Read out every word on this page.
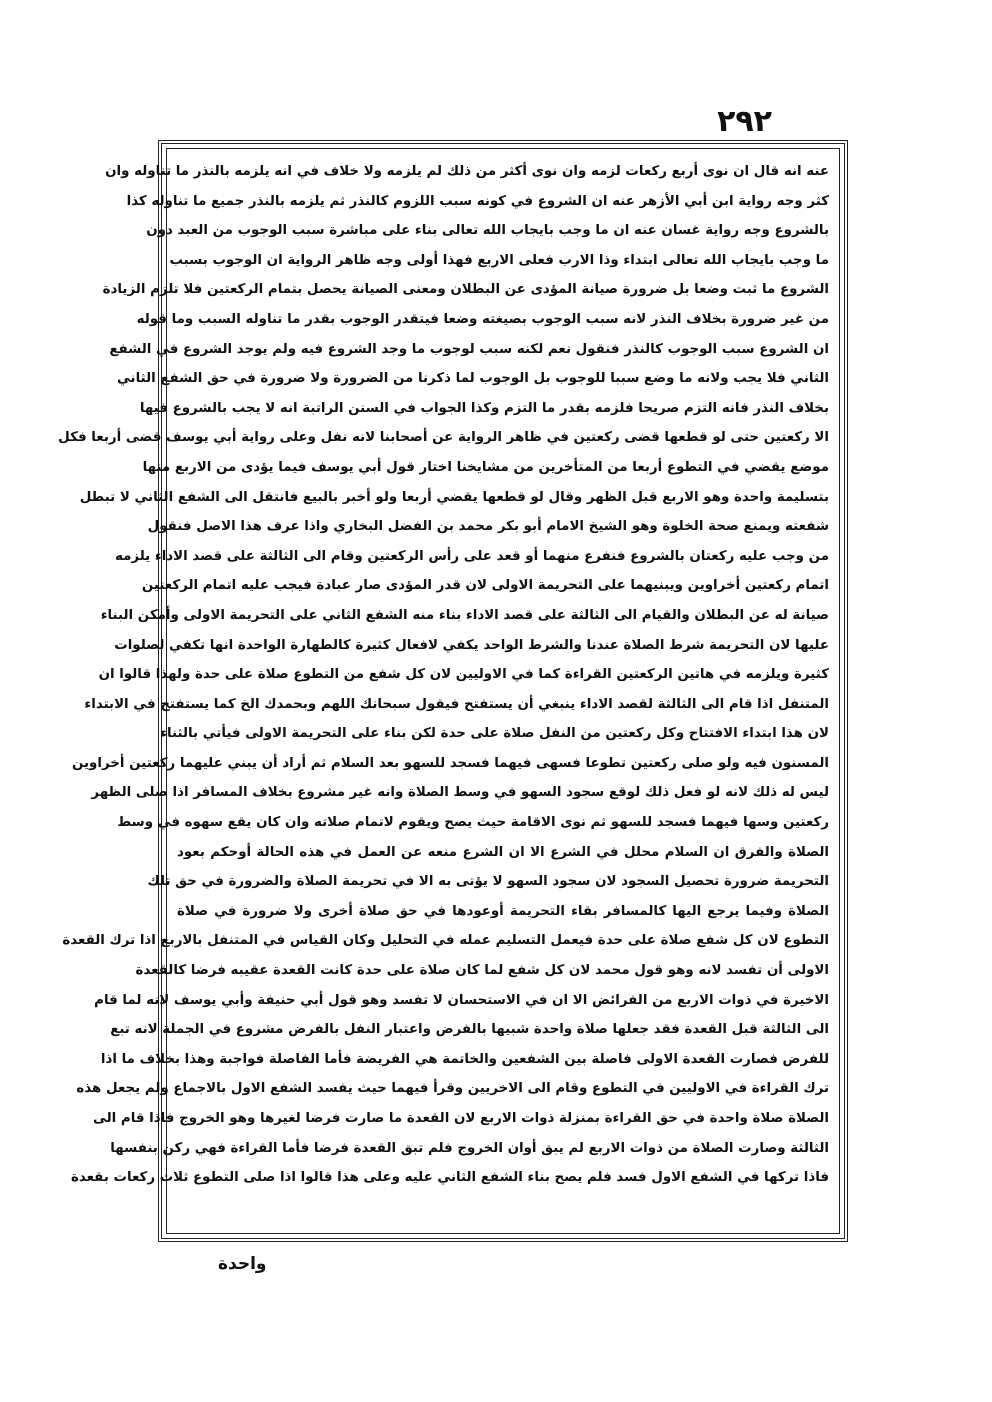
٢٩٢
عنه انه قال ان نوى أربع ركعات لزمه وان نوى أكثر من ذلك لم يلزمه ولا خلاف في انه يلزمه بالنذر ما تناوله وان
كثر وجه رواية ابن أبي الأزهر عنه ان الشروع في كونه سبب اللزوم كالنذر ثم يلزمه بالنذر جميع ما تناوله كذا
بالشروع وجه رواية غسان عنه ان ما وجب بايجاب الله تعالى بناء على مباشرة سبب الوجوب من العبد دون
ما وجب بايجاب الله تعالى ابتداء وذا الارب فعلى الاربع فهذا أولى وجه ظاهر الرواية ان الوجوب بسبب
الشروع ما ثبت وضعا بل ضرورة صيانة المؤدى عن البطلان ومعنى الصيانة يحصل بتمام الركعتين فلا تلزم الزيادة
من غير ضرورة بخلاف النذر لانه سبب الوجوب بصيغته وضعا فيتقدر الوجوب بقدر ما تناوله السبب وما قوله
ان الشروع سبب الوجوب كالنذر فنقول نعم لكنه سبب لوجوب ما وجد الشروع فيه ولم يوجد الشروع في الشفع
الثاني فلا يجب ولانه ما وضع سببا للوجوب بل الوجوب لما ذكرنا من الضرورة ولا ضرورة في حق الشفع الثاني
بخلاف النذر فانه التزم صريحا فلزمه بقدر ما التزم وكذا الجواب في السنن الراتبة انه لا يجب بالشروع فيها
الا ركعتين حتى لو قطعها قضى ركعتين في ظاهر الرواية عن أصحابنا لانه نفل وعلى رواية أبي يوسف قضى أربعا فكل
موضع يقضي في التطوع أربعا من المتأخرين من مشايخنا اختار قول أبي يوسف فيما يؤدى من الاربع منها
بتسليمة واحدة وهو الاربع قبل الظهر وقال لو قطعها يقضي أربعا ولو أخبر بالبيع فانتقل الى الشفع الثاني لا تبطل
شفعته ويمنع صحة الخلوة وهو الشيخ الامام أبو بكر محمد بن الفضل البخاري واذا عرف هذا الاصل فنقول
من وجب عليه ركعتان بالشروع فنفرع منهما أو قعد على رأس الركعتين وقام الى الثالثة على قصد الاداء يلزمه
اتمام ركعتين أخراوين ويبنيهما على التحريمة الاولى لان قدر المؤدى صار عبادة فيجب عليه اتمام الركعتين
صيانة له عن البطلان والقيام الى الثالثة على قصد الاداء بناء منه الشفع الثاني على التحريمة الاولى وأمكن البناء
عليها لان التحريمة شرط الصلاة عندنا والشرط الواحد يكفي لافعال كثيرة كالطهارة الواحدة انها تكفي لصلوات
كثيرة ويلزمه في هاتين الركعتين القراءة كما في الاوليين لان كل شفع من التطوع صلاة على حدة ولهذا قالوا ان
المتنفل اذا قام الى الثالثة لقصد الاداء ينبغي أن يستفتح فيقول سبحانك اللهم وبحمدك الخ كما يستفتح في الابتداء
لان هذا ابتداء الافتتاح وكل ركعتين من النفل صلاة على حدة لكن بناء على التحريمة الاولى فيأتي بالثناء
المسنون فيه ولو صلى ركعتين تطوعا فسهى فيهما فسجد للسهو بعد السلام ثم أراد أن يبني عليهما ركعتين أخراوين
ليس له ذلك لانه لو فعل ذلك لوقع سجود السهو في وسط الصلاة وانه غير مشروع بخلاف المسافر اذا صلى الظهر
ركعتين وسها فيهما فسجد للسهو ثم نوى الاقامة حيث يصح ويقوم لاتمام صلاته وان كان يقع سهوه في وسط
الصلاة والفرق ان السلام محلل في الشرع الا ان الشرع منعه عن العمل في هذه الحالة أوحكم بعود
التحريمة ضرورة تحصيل السجود لان سجود السهو لا يؤتى به الا في تحريمة الصلاة والضرورة في حق تلك
الصلاة وفيما يرجع اليها كالمسافر بقاء التحريمة أوعودها في حق صلاة أخرى ولا ضرورة في صلاة
التطوع لان كل شفع صلاة على حدة فيعمل التسليم عمله في التحليل وكان القياس في المتنفل بالاربع اذا ترك القعدة
الاولى أن تفسد لانه وهو قول محمد لان كل شفع لما كان صلاة على حدة كانت القعدة عقيبه فرضا كالقعدة
الاخيرة في ذوات الاربع من الفرائض الا ان في الاستحسان لا تفسد وهو قول أبي حنيفة وأبي يوسف لانه لما قام
الى الثالثة قبل القعدة فقد جعلها صلاة واحدة شبيها بالفرض واعتبار النفل بالفرض مشروع في الجملة لانه تبع
للفرض فصارت القعدة الاولى فاصلة بين الشفعين والخاتمة هي الفريضة فأما الفاصلة فواجبة وهذا بخلاف ما اذا
ترك القراءة في الاوليين في التطوع وقام الى الاخريين وقرأ فيهما حيث يفسد الشفع الاول بالاجماع ولم يجعل هذه
الصلاة صلاة واحدة في حق القراءة بمنزلة ذوات الاربع لان القعدة ما صارت فرضا لغيرها وهو الخروج فاذا قام الى
الثالثة وصارت الصلاة من ذوات الاربع لم يبق أوان الخروج فلم تبق القعدة فرضا فأما القراءة فهي ركن بنفسها
فاذا تركها في الشفع الاول فسد فلم يصح بناء الشفع الثاني عليه وعلى هذا قالوا اذا صلى التطوع ثلاث ركعات بقعدة
واحدة
